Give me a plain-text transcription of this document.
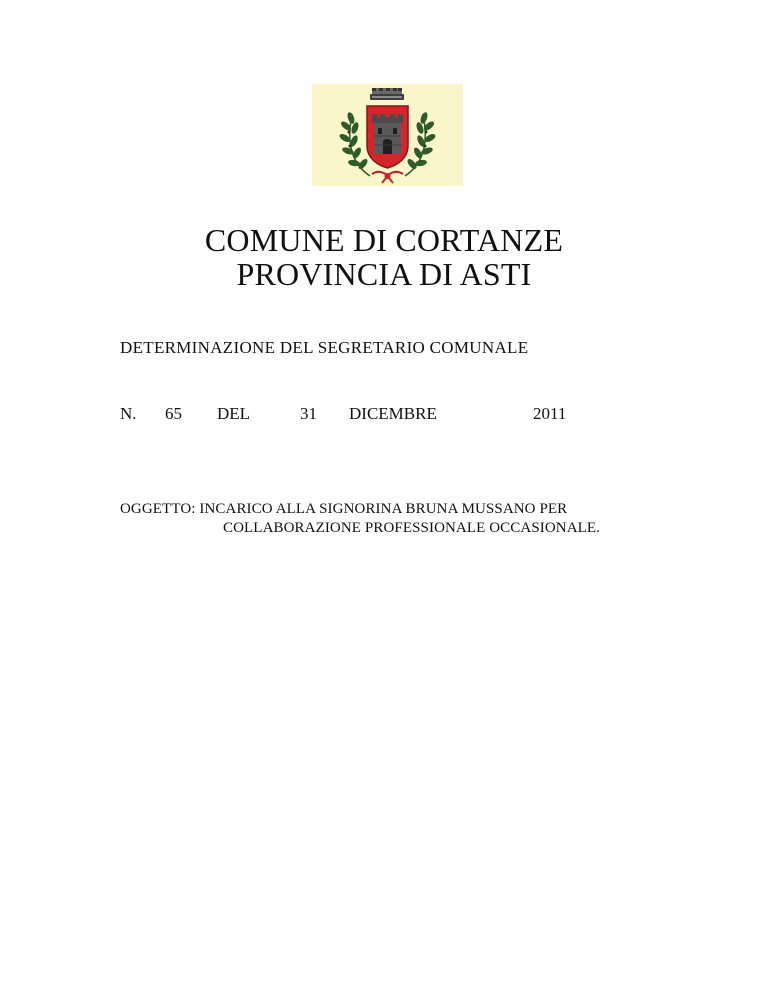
COMUNE DI CORTANZE
PROVINCIA DI ASTI
DETERMINAZIONE DEL SEGRETARIO COMUNALE
N. 65 DEL	31 DICEMBRE	2011
OGGETTO: INCARICO ALLA SIGNORINA BRUNA MUSSANO PER
COLLABORAZIONE PROFESSIONALE OCCASIONALE.
